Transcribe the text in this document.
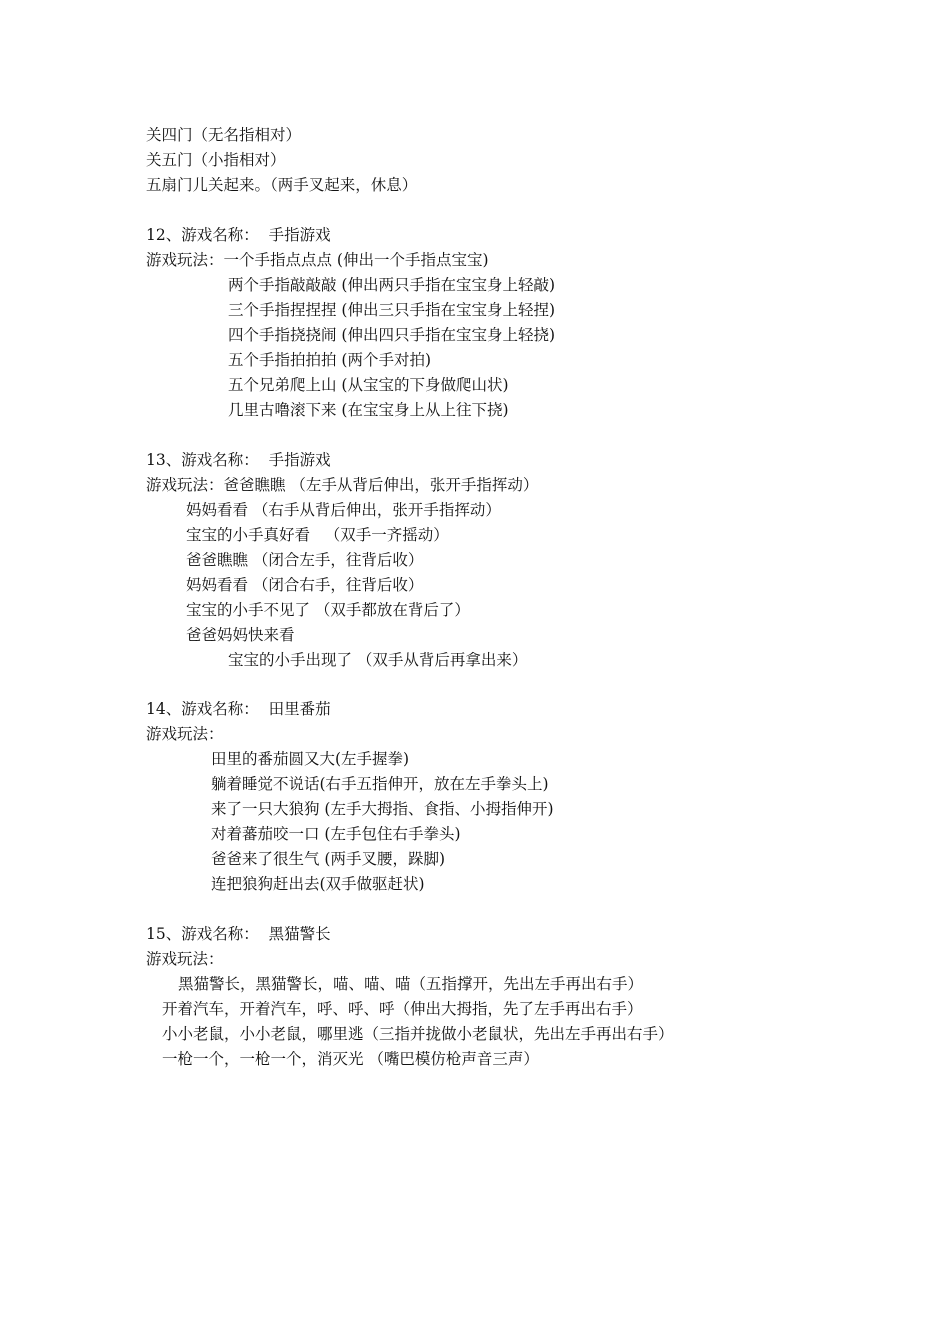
关四门（无名指相对）
关五门（小指相对）
五扇门儿关起来。（两手叉起来，休息）
12、游戏名称：  手指游戏
游戏玩法：一个手指点点点 (伸出一个手指点宝宝)
两个手指敲敲敲 (伸出两只手指在宝宝身上轻敲)
三个手指捏捏捏 (伸出三只手指在宝宝身上轻捏)
四个手指挠挠闹 (伸出四只手指在宝宝身上轻挠)
五个手指拍拍拍 (两个手对拍)
五个兄弟爬上山 (从宝宝的下身做爬山状)
几里古噜滚下来 (在宝宝身上从上往下挠)
13、游戏名称：  手指游戏
游戏玩法：爸爸瞧瞧 （左手从背后伸出，张开手指挥动）
妈妈看看 （右手从背后伸出，张开手指挥动）
宝宝的小手真好看   （双手一齐摇动）
爸爸瞧瞧 （闭合左手，往背后收）
妈妈看看 （闭合右手，往背后收）
宝宝的小手不见了 （双手都放在背后了）
爸爸妈妈快来看
宝宝的小手出现了 （双手从背后再拿出来）
14、游戏名称：  田里番茄
游戏玩法：
田里的番茄圆又大(左手握拳)
躺着睡觉不说话(右手五指伸开，放在左手拳头上)
来了一只大狼狗 (左手大拇指、食指、小拇指伸开)
对着蕃茄咬一口 (左手包住右手拳头)
爸爸来了很生气 (两手叉腰，跺脚)
连把狼狗赶出去(双手做驱赶状)
15、游戏名称：  黑猫警长
游戏玩法：
黑猫警长，黑猫警长，喵、喵、喵（五指撑开，先出左手再出右手）
开着汽车，开着汽车，呼、呼、呼（伸出大拇指，先了左手再出右手）
小小老鼠，小小老鼠，哪里逃（三指并拢做小老鼠状，先出左手再出右手）
一枪一个，一枪一个，消灭光 （嘴巴模仿枪声音三声）
